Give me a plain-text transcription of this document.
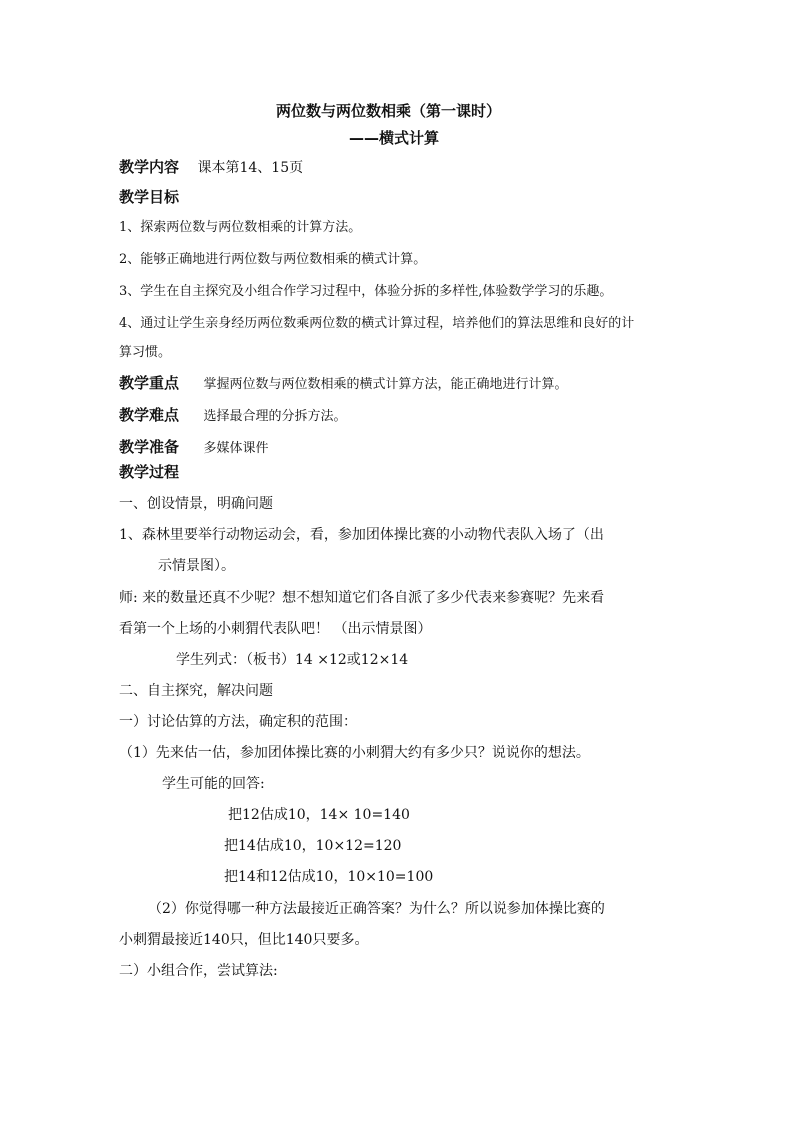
两位数与两位数相乘（第一课时）
——横式计算
教学内容 课本第14、15页
教学目标
1、探索两位数与两位数相乘的计算方法。
2、能够正确地进行两位数与两位数相乘的横式计算。
3、学生在自主探究及小组合作学习过程中，体验分拆的多样性,体验数学学习的乐趣。
4、通过让学生亲身经历两位数乘两位数的横式计算过程，培养他们的算法思维和良好的计
算习惯。
教学重点 掌握两位数与两位数相乘的横式计算方法，能正确地进行计算。
教学难点 选择最合理的分拆方法。
教学准备 多媒体课件
教学过程
一、创设情景，明确问题
1、森林里要举行动物运动会，看，参加团体操比赛的小动物代表队入场了（出
示情景图）。
师: 来的数量还真不少呢？想不想知道它们各自派了多少代表来参赛呢？先来看
看第一个上场的小刺猬代表队吧！ （出示情景图）
学生列式：（板书）14 ×12或12×14
二、自主探究，解决问题
一）讨论估算的方法，确定积的范围：
（1）先来估一估，参加团体操比赛的小刺猬大约有多少只？说说你的想法。
学生可能的回答:
把12估成10，14× 10=140
把14估成10，10×12=120
把14和12估成10，10×10=100
（2）你觉得哪一种方法最接近正确答案？为什么？所以说参加体操比赛的
小刺猬最接近140只，但比140只要多。
二）小组合作，尝试算法:
